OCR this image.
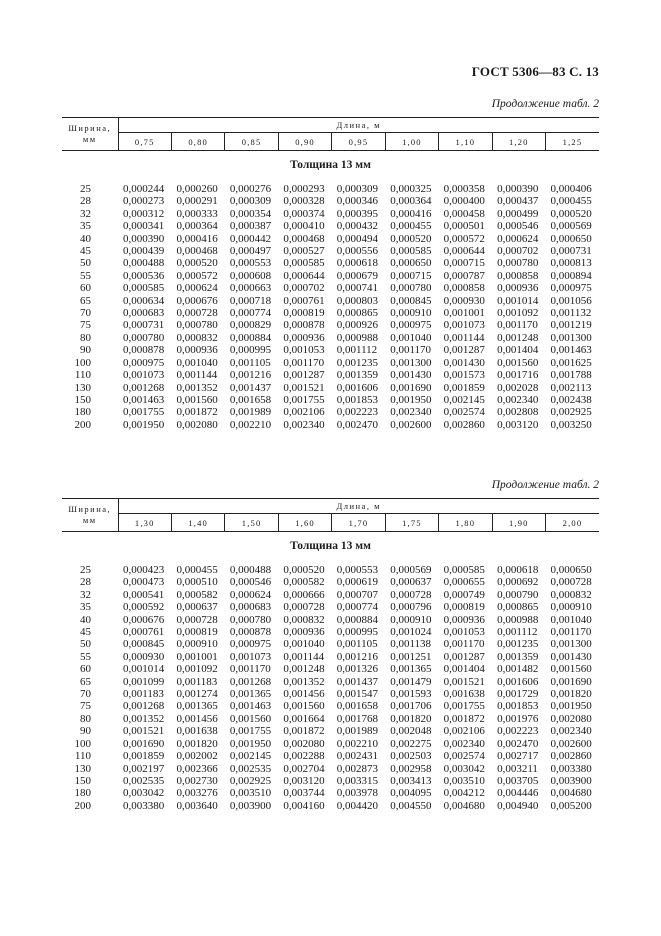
ГОСТ 5306—83 С. 13
Продолжение табл. 2
Ширина,
мм	Длина, м								
	0,75	0,80	0,85	0,90	0,95	1,00	1,10	1,20	1,25
Толщина 13 мм									
25	0,000244	0,000260	0,000276	0,000293	0,000309	0,000325	0,000358	0,000390	0,000406
28	0,000273	0,000291	0,000309	0,000328	0,000346	0,000364	0,000400	0,000437	0,000455
32	0,000312	0,000333	0,000354	0,000374	0,000395	0,000416	0,000458	0,000499	0,000520
35	0,000341	0,000364	0,000387	0,000410	0,000432	0,000455	0,000501	0,000546	0,000569
40	0,000390	0,000416	0,000442	0,000468	0,000494	0,000520	0,000572	0,000624	0,000650
45	0,000439	0,000468	0,000497	0,000527	0,000556	0,000585	0,000644	0,000702	0,000731
50	0,000488	0,000520	0,000553	0,000585	0,000618	0,000650	0,000715	0,000780	0,000813
55	0,000536	0,000572	0,000608	0,000644	0,000679	0,000715	0,000787	0,000858	0,000894
60	0,000585	0,000624	0,000663	0,000702	0,000741	0,000780	0,000858	0,000936	0,000975
65	0,000634	0,000676	0,000718	0,000761	0,000803	0,000845	0,000930	0,001014	0,001056
70	0,000683	0,000728	0,000774	0,000819	0,000865	0,000910	0,001001	0,001092	0,001132
75	0,000731	0,000780	0,000829	0,000878	0,000926	0,000975	0,001073	0,001170	0,001219
80	0,000780	0,000832	0,000884	0,000936	0,000988	0,001040	0,001144	0,001248	0,001300
90	0,000878	0,000936	0,000995	0,001053	0,001112	0,001170	0,001287	0,001404	0,001463
100	0,000975	0,001040	0,001105	0,001170	0,001235	0,001300	0,001430	0,001560	0,001625
110	0,001073	0,001144	0,001216	0,001287	0,001359	0,001430	0,001573	0,001716	0,001788
130	0,001268	0,001352	0,001437	0,001521	0,001606	0,001690	0,001859	0,002028	0,002113
150	0,001463	0,001560	0,001658	0,001755	0,001853	0,001950	0,002145	0,002340	0,002438
180	0,001755	0,001872	0,001989	0,002106	0,002223	0,002340	0,002574	0,002808	0,002925
200	0,001950	0,002080	0,002210	0,002340	0,002470	0,002600	0,002860	0,003120	0,003250
Продолжение табл. 2
Ширина,
мм	Длина, м								
	1,30	1,40	1,50	1,60	1,70	1,75	1,80	1,90	2,00
Толщина 13 мм									
25	0,000423	0,000455	0,000488	0,000520	0,000553	0,000569	0,000585	0,000618	0,000650
28	0,000473	0,000510	0,000546	0,000582	0,000619	0,000637	0,000655	0,000692	0,000728
32	0,000541	0,000582	0,000624	0,000666	0,000707	0,000728	0,000749	0,000790	0,000832
35	0,000592	0,000637	0,000683	0,000728	0,000774	0,000796	0,000819	0,000865	0,000910
40	0,000676	0,000728	0,000780	0,000832	0,000884	0,000910	0,000936	0,000988	0,001040
45	0,000761	0,000819	0,000878	0,000936	0,000995	0,001024	0,001053	0,001112	0,001170
50	0,000845	0,000910	0,000975	0,001040	0,001105	0,001138	0,001170	0,001235	0,001300
55	0,000930	0,001001	0,001073	0,001144	0,001216	0,001251	0,001287	0,001359	0,001430
60	0,001014	0,001092	0,001170	0,001248	0,001326	0,001365	0,001404	0,001482	0,001560
65	0,001099	0,001183	0,001268	0,001352	0,001437	0,001479	0,001521	0,001606	0,001690
70	0,001183	0,001274	0,001365	0,001456	0,001547	0,001593	0,001638	0,001729	0,001820
75	0,001268	0,001365	0,001463	0,001560	0,001658	0,001706	0,001755	0,001853	0,001950
80	0,001352	0,001456	0,001560	0,001664	0,001768	0,001820	0,001872	0,001976	0,002080
90	0,001521	0,001638	0,001755	0,001872	0,001989	0,002048	0,002106	0,002223	0,002340
100	0,001690	0,001820	0,001950	0,002080	0,002210	0,002275	0,002340	0,002470	0,002600
110	0,001859	0,002002	0,002145	0,002288	0,002431	0,002503	0,002574	0,002717	0,002860
130	0,002197	0,002366	0,002535	0,002704	0,002873	0,002958	0,003042	0,003211	0,003380
150	0,002535	0,002730	0,002925	0,003120	0,003315	0,003413	0,003510	0,003705	0,003900
180	0,003042	0,003276	0,003510	0,003744	0,003978	0,004095	0,004212	0,004446	0,004680
200	0,003380	0,003640	0,003900	0,004160	0,004420	0,004550	0,004680	0,004940	0,005200
